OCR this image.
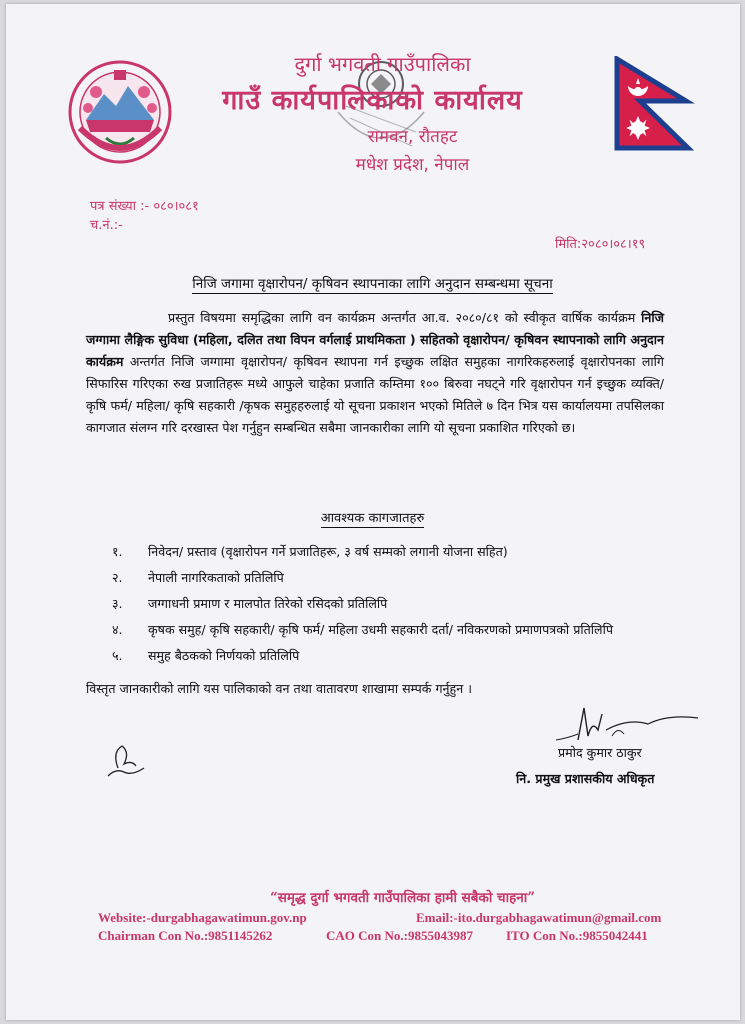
दुर्गा भगवती गाउँपालिका
गाउँ कार्यपालिकाको कार्यालय
रामवन, रौतहट
मधेश प्रदेश, नेपाल
पत्र संख्या :- ०८०।०८१
च.नं.:-
मिति:२०८०।०८।१९
निजि जगामा वृक्षारोपन/ कृषिवन स्थापनाका लागि अनुदान सम्बन्धमा सूचना
प्रस्तुत विषयमा समृद्धिका लागि वन कार्यक्रम अन्तर्गत आ.व. २०८०/८१ को स्वीकृत वार्षिक कार्यक्रम निजि जग्गामा लैङ्गिक सुविधा (महिला, दलित तथा विपन वर्गलाई प्राथमिकता ) सहितको वृक्षारोपन/ कृषिवन स्थापनाको लागि अनुदान कार्यक्रम अन्तर्गत निजि जग्गामा वृक्षारोपन/ कृषिवन स्थापना गर्न इच्छुक लक्षित समुहका नागरिकहरुलाई वृक्षारोपनका लागि सिफारिस गरिएका रुख प्रजातिहरू मध्ये आफुले चाहेका प्रजाति कम्तिमा १०० बिरुवा नघट्ने गरि वृक्षारोपन गर्न इच्छुक व्यक्ति/ कृषि फर्म/ महिला/ कृषि सहकारी /कृषक समुहहरुलाई यो सूचना प्रकाशन भएको मितिले ७ दिन भित्र यस कार्यालयमा तपसिलका कागजात संलग्न गरि दरखास्त पेश गर्नुहुन सम्बन्धित सबैमा जानकारीका लागि यो सूचना प्रकाशित गरिएको छ।
आवश्यक कागजातहरु
१.	निवेदन/ प्रस्ताव (वृक्षारोपन गर्ने प्रजातिहरू, ३ वर्ष सम्मको लगानी योजना सहित)
२.	नेपाली नागरिकताको प्रतिलिपि
३.	जग्गाधनी प्रमाण र मालपोत तिरेको रसिदको प्रतिलिपि
४.	कृषक समुह/ कृषि सहकारी/ कृषि फर्म/ महिला उधमी सहकारी दर्ता/ नविकरणको प्रमाणपत्रको प्रतिलिपि
५.	समुह बैठकको निर्णयको प्रतिलिपि
विस्तृत जानकारीको लागि यस पालिकाको वन तथा वातावरण शाखामा सम्पर्क गर्नुहुन ।
प्रमोद कुमार ठाकुर
नि. प्रमुख प्रशासकीय अधिकृत
“समृद्ध दुर्गा भगवती गाउँपालिका हामी सबैको चाहना”
Website:-durgabhagawatimun.gov.np	Email:-ito.durgabhagawatimun@gmail.com
Chairman Con No.:9851145262	CAO Con No.:9855043987	ITO Con No.:9855042441
